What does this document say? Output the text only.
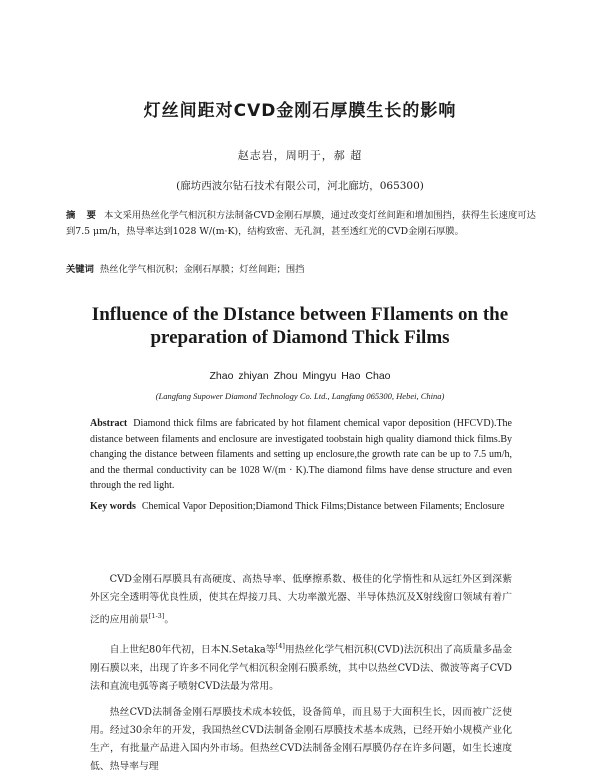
灯丝间距对CVD金刚石厚膜生长的影响
赵志岩，周明于，郝 超
(廊坊西波尔钻石技术有限公司，河北廊坊，065300)
摘 要 本文采用热丝化学气相沉积方法制备CVD金刚石厚膜，通过改变灯丝间距和增加围挡，获得生长速度可达到7.5 μm/h，热导率达到1028 W/(m·K)，结构致密、无孔洞，甚至透红光的CVD金刚石厚膜。
关键词 热丝化学气相沉积；金刚石厚膜；灯丝间距；围挡
Influence of the DIstance between FIlaments on the
preparation of Diamond Thick Films
Zhao zhiyan Zhou Mingyu Hao Chao
(Langfang Supower Diamond Technology Co. Ltd., Langfang 065300, Hebei, China)
Abstract Diamond thick films are fabricated by hot filament chemical vapor deposition (HFCVD).The distance between filaments and enclosure are investigated toobstain high quality diamond thick films.By changing the distance between filaments and setting up enclosure,the growth rate can be up to 7.5 um/h, and the thermal conductivity can be 1028 W/(m · K).The diamond films have dense structure and even through the red light.
Key words Chemical Vapor Deposition;Diamond Thick Films;Distance between Filaments; Enclosure

CVD金刚石厚膜具有高硬度、高热导率、低摩擦系数、极佳的化学惰性和从远红外区到深紫外区完全透明等优良性质，使其在焊接刀具、大功率激光器、半导体热沉及X射线窗口领域有着广泛的应用前景[1-3]。

自上世纪80年代初，日本N.Setaka等[4]用热丝化学气相沉积(CVD)法沉积出了高质量多晶金刚石膜以来，出现了许多不同化学气相沉积金刚石膜系统，其中以热丝CVD法、微波等离子CVD法和直流电弧等离子喷射CVD法最为常用。

热丝CVD法制备金刚石厚膜技术成本较低，设备简单，而且易于大面积生长，因而被广泛使用。经过30余年的开发，我国热丝CVD法制备金刚石厚膜技术基本成熟，已经开始小规模产业化生产，有批量产品进入国内外市场。但热丝CVD法制备金刚石厚膜仍存在许多问题，如生长速度低、热导率与理
